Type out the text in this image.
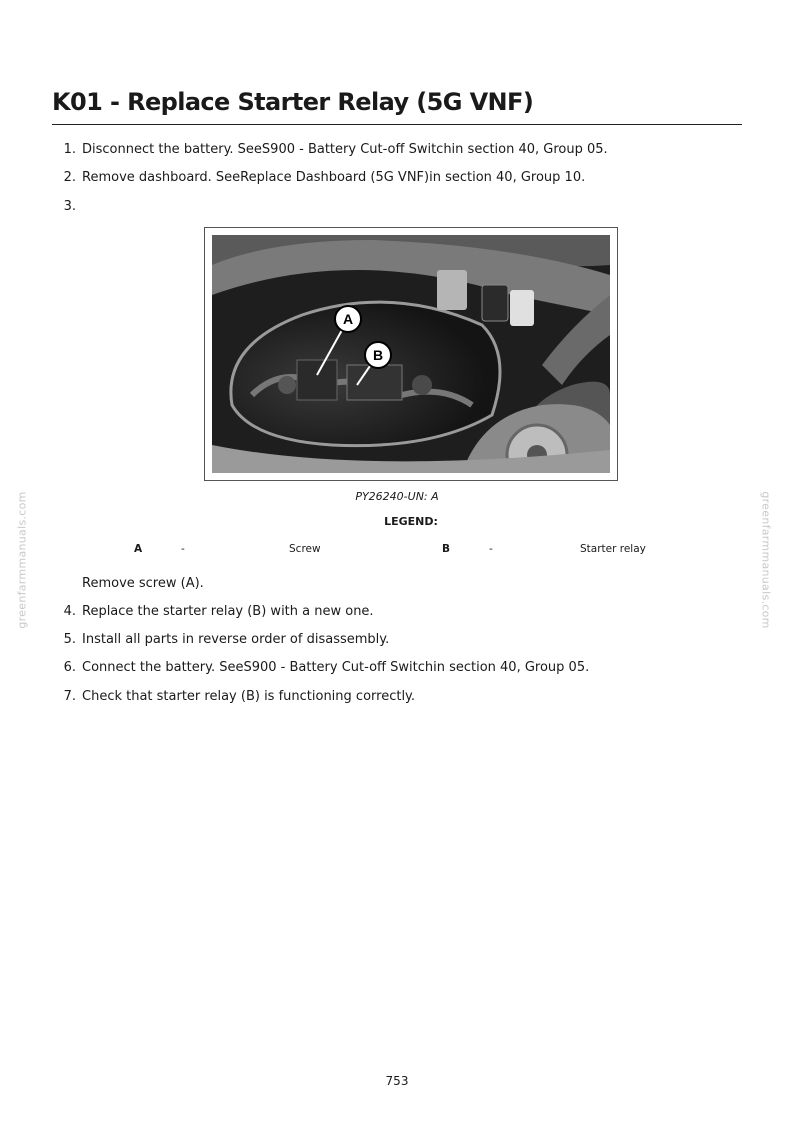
K01 - Replace Starter Relay (5G VNF)
1. Disconnect the battery. SeeS900 - Battery Cut-off Switchin section 40, Group 05.
2. Remove dashboard. SeeReplace Dashboard (5G VNF)in section 40, Group 10.
3.
A
B
PY26240-UN: A
LEGEND:
A	-	Screw	B	-	Starter relay
Remove screw (A).
4. Replace the starter relay (B) with a new one.
5. Install all parts in reverse order of disassembly.
6. Connect the battery. SeeS900 - Battery Cut-off Switchin section 40, Group 05.
7. Check that starter relay (B) is functioning correctly.
greenfarmmanuals.com	greenfarmmanuals.com
753
